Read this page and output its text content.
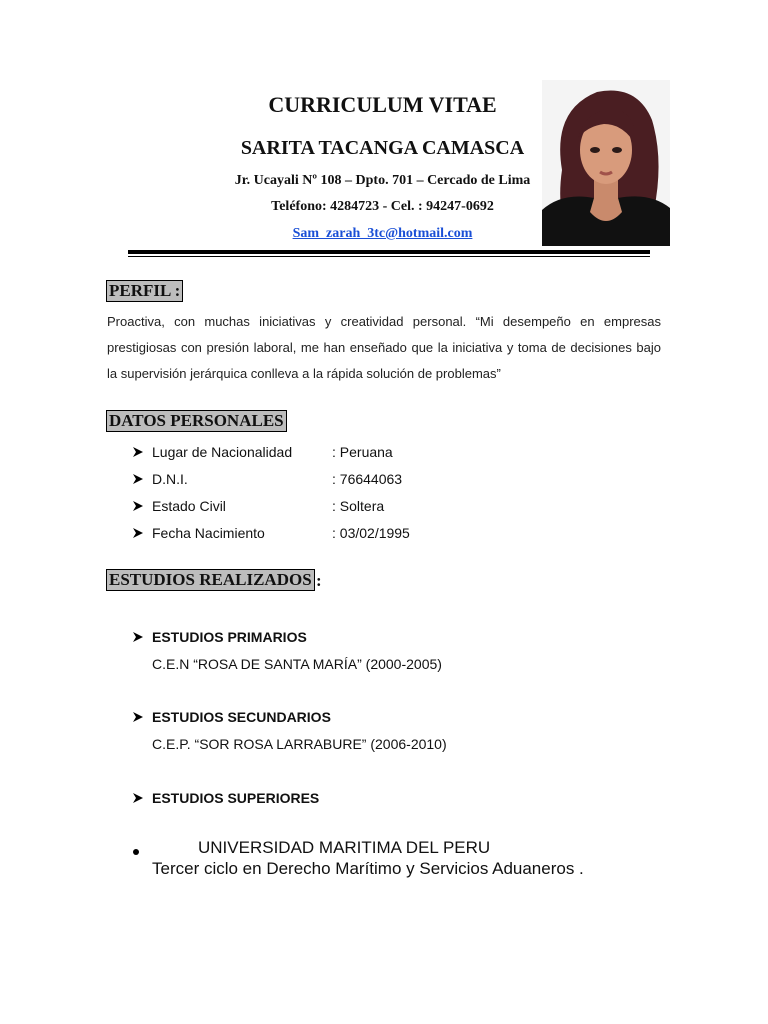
CURRICULUM VITAE
SARITA TACANGA CAMASCA
Jr. Ucayali Nº 108 – Dpto. 701 – Cercado de Lima
Teléfono: 4284723 - Cel. : 94247-0692
Sam_zarah_3tc@hotmail.com
PERFIL :
Proactiva, con muchas iniciativas y creatividad personal. “Mi desempeño en empresas prestigiosas con presión laboral, me han enseñado que la iniciativa y toma de decisiones bajo la supervisión jerárquica conlleva a la rápida solución de problemas”
DATOS PERSONALES
Lugar de Nacionalidad	: Peruana
D.N.I.	: 76644063
Estado Civil	: Soltera
Fecha Nacimiento	: 03/02/1995
ESTUDIOS REALIZADOS :
ESTUDIOS PRIMARIOS
C.E.N “ROSA DE SANTA MARÍA” (2000-2005)
ESTUDIOS SECUNDARIOS
C.E.P. “SOR ROSA LARRABURE” (2006-2010)
ESTUDIOS SUPERIORES
UNIVERSIDAD MARITIMA DEL PERU
Tercer ciclo en Derecho Marítimo y Servicios Aduaneros .
